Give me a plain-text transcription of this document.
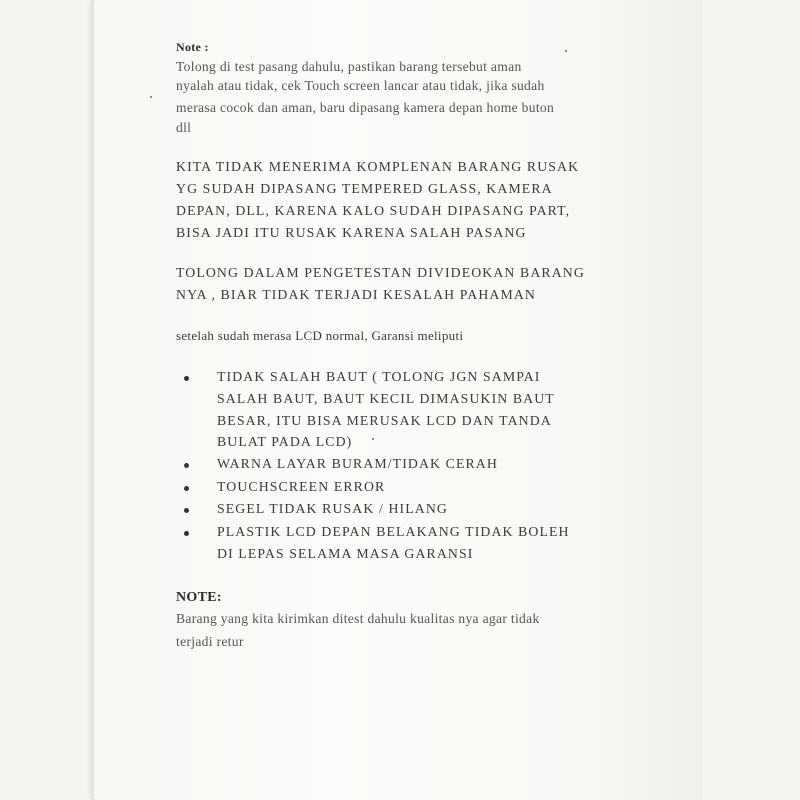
Note :
Tolong di test pasang dahulu, pastikan barang tersebut aman
nyalah atau tidak, cek Touch screen lancar atau tidak, jika sudah
merasa cocok dan aman, baru dipasang kamera depan home buton
dll
KITA TIDAK MENERIMA KOMPLENAN BARANG RUSAK
YG SUDAH DIPASANG TEMPERED GLASS, KAMERA
DEPAN, DLL, KARENA KALO SUDAH DIPASANG PART,
BISA JADI ITU RUSAK KARENA SALAH PASANG
TOLONG DALAM PENGETESTAN DIVIDEOKAN BARANG
NYA , BIAR TIDAK TERJADI KESALAH PAHAMAN
setelah sudah merasa LCD normal, Garansi meliputi
TIDAK SALAH BAUT ( TOLONG JGN SAMPAI
SALAH BAUT, BAUT KECIL DIMASUKIN BAUT
BESAR, ITU BISA MERUSAK LCD DAN TANDA
BULAT PADA LCD)
WARNA LAYAR BURAM/TIDAK CERAH
TOUCHSCREEN ERROR
SEGEL TIDAK RUSAK / HILANG
PLASTIK LCD DEPAN BELAKANG TIDAK BOLEH
DI LEPAS SELAMA MASA GARANSI
NOTE:
Barang yang kita kirimkan ditest dahulu kualitas nya agar tidak
terjadi retur
